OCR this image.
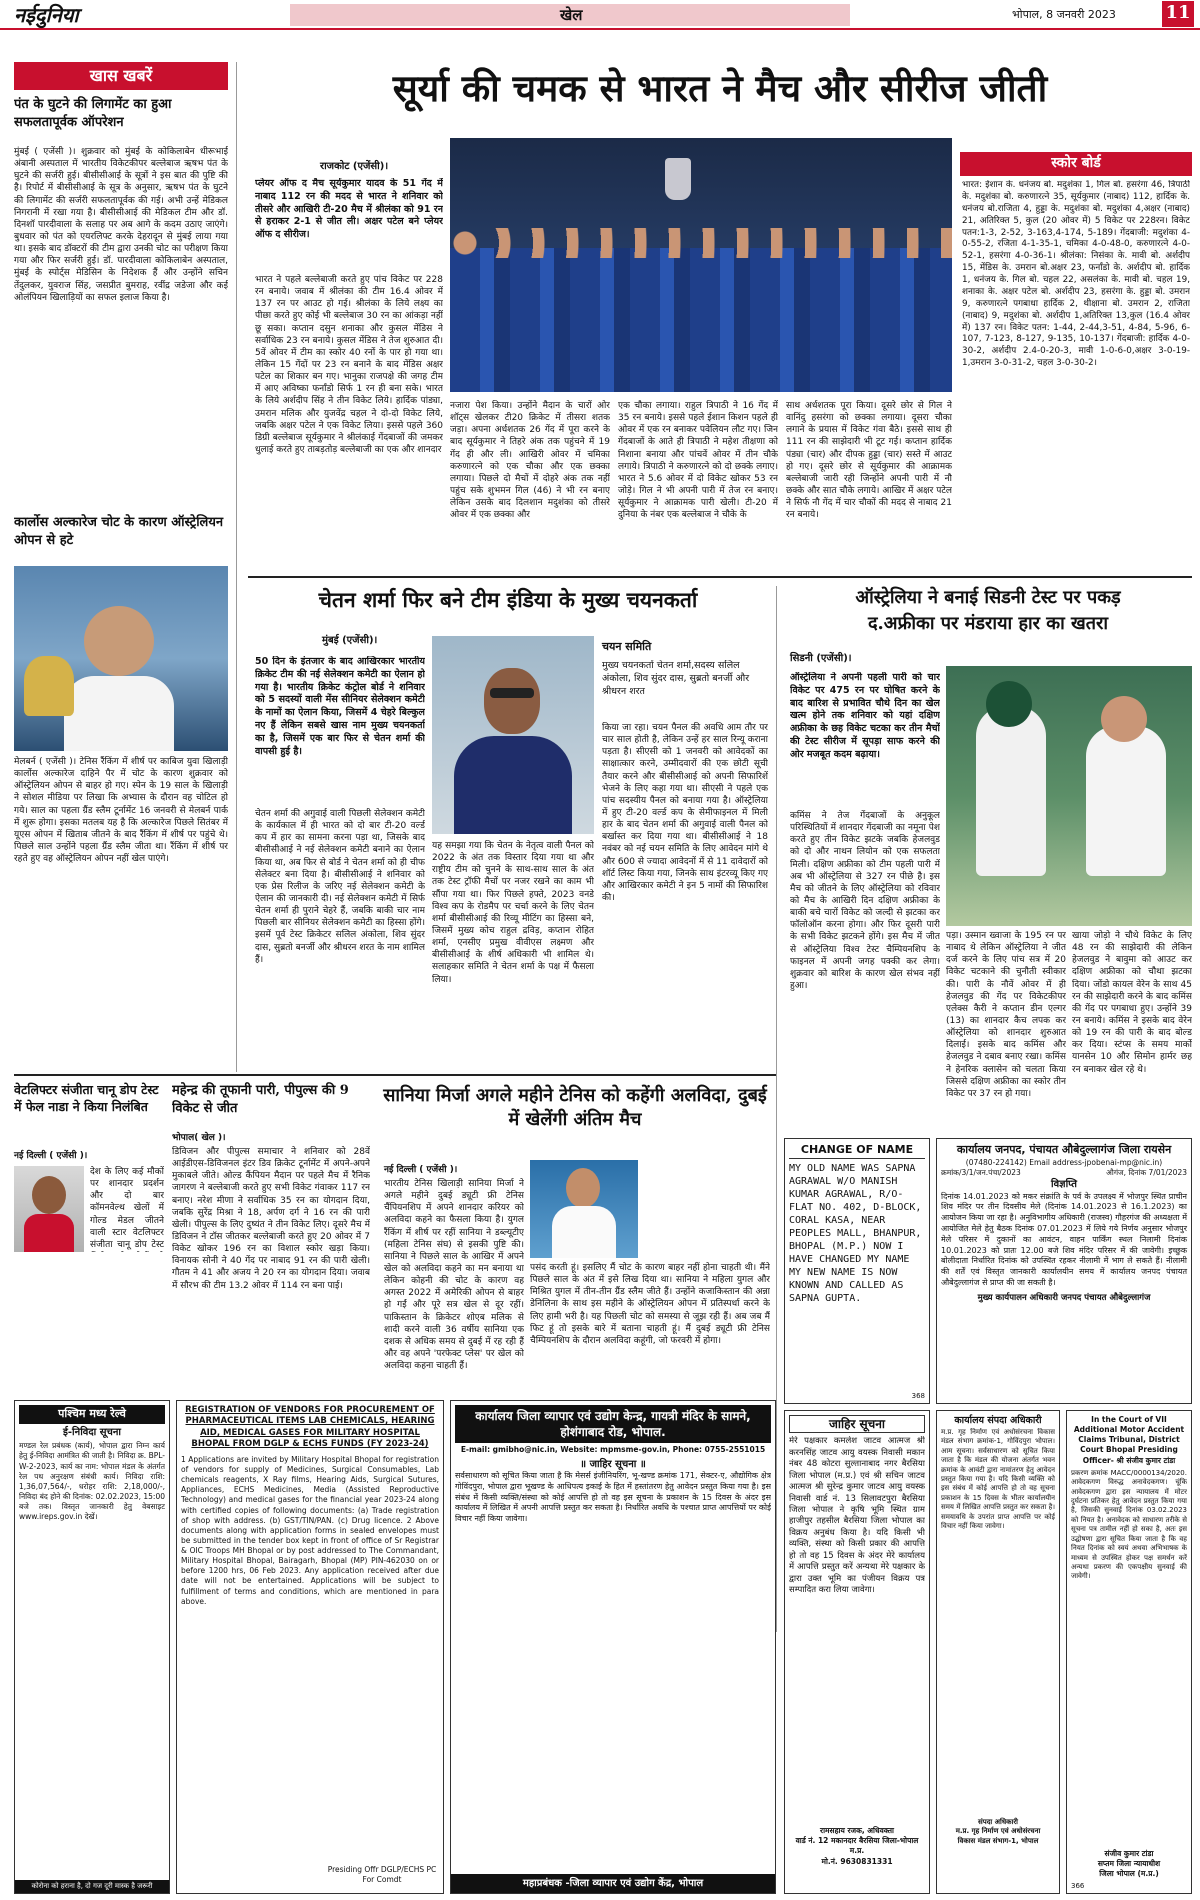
नईदुनिया	खेल	भोपाल, 8 जनवरी 2023	11
खास खबरें
पंत के घुटने की लिगामेंट का हुआ सफलतापूर्वक ऑपरेशन
मुंबई ( एजेंसी )। शुक्रवार को मुंबई के कोकिलाबेन धीरूभाई अंबानी अस्पताल में भारतीय विकेटकीपर बल्लेबाज ऋषभ पंत के घुटने की सर्जरी हुई। बीसीसीआई के सूत्रों ने इस बात की पुष्टि की है। रिपोर्ट में बीसीसीआई के सूत्र के अनुसार, ऋषभ पंत के घुटने की लिगामेंट की सर्जरी सफलतापूर्वक की गई। अभी उन्हें मेडिकल निगरानी में रखा गया है। बीसीसीआई की मेडिकल टीम और डॉ. दिनशॉ पारदीवाला के सलाह पर अब आगे के कदम उठाए जाएंगे। बुधवार को पंत को एयरलिफ्ट करके देहरादून से मुंबई लाया गया था। इसके बाद डॉक्टरों की टीम द्वारा उनकी चोट का परीक्षण किया गया और फिर सर्जरी हुई। डॉ. पारदीवाला कोकिलाबेन अस्पताल, मुंबई के स्पोर्ट्स मेडिसिन के निदेशक हैं और उन्होंने सचिन तेंदुलकर, युवराज सिंह, जसप्रीत बुमराह, रवींद्र जडेजा और कई ओलंपियन खिलाड़ियों का सफल इलाज किया है।
कार्लोस अल्कारेज चोट के कारण ऑस्ट्रेलियन ओपन से हटे
मेलबर्न ( एजेंसी )। टेनिस रैंकिंग में शीर्ष पर काबिज युवा खिलाड़ी कार्लोस अल्कारेज दाहिने पैर में चोट के कारण शुक्रवार को ऑस्ट्रेलियन ओपन से बाहर हो गए। स्पेन के 19 साल के खिलाड़ी ने सोशल मीडिया पर लिखा कि अभ्यास के दौरान वह चोटिल हो गये। साल का पहला ग्रैंड स्लैम टूर्नामेंट 16 जनवरी से मेलबर्न पार्क में शुरू होगा। इसका मतलब यह है कि अल्कारेज पिछले सितंबर में यूएस ओपन में खिताब जीतने के बाद रैंकिंग में शीर्ष पर पहुंचे थे। पिछले साल उन्होंने पहला ग्रैंड स्लैम जीता था। रैंकिंग में शीर्ष पर रहते हुए वह ऑस्ट्रेलियन ओपन नहीं खेल पाएंगे।
सूर्या की चमक से भारत ने मैच और सीरीज जीती
राजकोट (एजेंसी)।
प्लेयर ऑफ द मैच सूर्यकुमार यादव के 51 गेंद में नाबाद 112 रन की मदद से भारत ने शनिवार को तीसरे और आखिरी टी-20 मैच में श्रीलंका को 91 रन से हराकर 2-1 से जीत ली। अक्षर पटेल बने प्लेयर ऑफ द सीरीज।
भारत ने पहले बल्लेबाजी करते हुए पांच विकेट पर 228 रन बनाये। जवाब में श्रीलंका की टीम 16.4 ओवर में 137 रन पर आउट हो गई। श्रीलंका के लिये लक्ष्य का पीछा करते हुए कोई भी बल्लेबाज 30 रन का आंकड़ा नहीं छू सका। कप्तान दसुन शनाका और कुसल मेंडिस ने सर्वाधिक 23 रन बनाये। कुसल मेंडिस ने तेज शुरुआत दी। 5वें ओवर में टीम का स्कोर 40 रनों के पार हो गया था। लेकिन 15 गेंदों पर 23 रन बनाने के बाद मेंडिस अक्षर पटेल का शिकार बन गए। भानुका राजपक्षे की जगह टीम में आए अविष्का फर्नांडो सिर्फ 1 रन ही बना सके। भारत के लिये अर्शदीप सिंह ने तीन विकेट लिये। हार्दिक पांड्या, उमरान मलिक और युजवेंद्र चहल ने दो-दो विकेट लिये, जबकि अक्षर पटेल ने एक विकेट लिया। इससे पहले 360 डिग्री बल्लेबाज सूर्यकुमार ने श्रीलंकाई गेंदबाजों की जमकर धुलाई करते हुए ताबड़तोड़ बल्लेबाजी का एक और शानदार
नजारा पेश किया। उन्होंने मैदान के चारों ओर शॉट्स खेलकर टी20 क्रिकेट में तीसरा शतक जड़ा। अपना अर्धशतक 26 गेंद में पूरा करने के बाद सूर्यकुमार ने तिहरे अंक तक पहुंचने में 19 गेंद ही और ली। आखिरी ओवर में चमिका करुणारत्ने को एक चौका और एक छक्का लगाया। पिछले दो मैचों में दोहरे अंक तक नहीं पहुंच सके शुभमन गिल (46) ने भी रन बनाए लेकिन उसके बाद दिलशान मदुशंका को तीसरे ओवर में एक छक्का और
एक चौका लगाया। राहुल त्रिपाठी ने 16 गेंद में 35 रन बनाये। इससे पहले ईशान किशन पहले ही ओवर में एक रन बनाकर पवेलियन लौट गए। जिन गेंदबाजों के आते ही त्रिपाठी ने महेश तीक्षणा को निशाना बनाया और पांचवें ओवर में तीन चौके लगाये। त्रिपाठी ने करुणारत्ने को दो छक्के लगाए। भारत ने 5.6 ओवर में दो विकेट खोकर 53 रन जोड़े। गिल ने भी अपनी पारी में तेज रन बनाए। सूर्यकुमार ने आक्रामक पारी खेली। टी-20 में दुनिया के नंबर एक बल्लेबाज ने चौके के
साथ अर्धशतक पूरा किया। दूसरे छोर से गिल ने वानिंदु हसरंगा को छक्का लगाया। दूसरा चौका लगाने के प्रयास में विकेट गंवा बैठे। इससे साथ ही 111 रन की साझेदारी भी टूट गई। कप्तान हार्दिक पंड्या (चार) और दीपक हुड्डा (चार) सस्ते में आउट हो गए। दूसरे छोर से सूर्यकुमार की आक्रामक बल्लेबाजी जारी रही जिन्होंने अपनी पारी में नौ छक्के और सात चौके लगाये। आखिर में अक्षर पटेल ने सिर्फ नौ गेंद में चार चौकों की मदद से नाबाद 21 रन बनाये।
स्कोर बोर्ड
भारत: ईशान के. धनंजय बो. मदुशंका 1, गिल बो. हसरंगा 46, त्रिपाठी के. मदुशंका बो. करुणारत्ने 35, सूर्यकुमार (नाबाद) 112, हार्दिक के. धनंजय बो.राजिता 4, हुड्डा के. मदुशंका बो. मदुशंका 4,अक्षर (नाबाद) 21, अतिरिक्त 5, कुल (20 ओवर में) 5 विकेट पर 228रन। विकेट पतन:1-3, 2-52, 3-163,4-174, 5-189। गेंदबाजी: मदुशंका 4-0-55-2, रजिता 4-1-35-1, चमिका 4-0-48-0, करुणारत्ने 4-0-52-1, हसरंगा 4-0-36-1। श्रीलंका: निसंका के. मावी बो. अर्शदीप 15, मेंडिस के. उमरान बो.अक्षर 23, फर्नांडो के. अर्शदीप बो. हार्दिक 1, धनंजय के. गिल बो. चहल 22, असलंका के. मावी बो. चहल 19, शनाका के. अक्षर पटेल बो. अर्शदीप 23, हसरंगा के. हुड्डा बो. उमरान 9, करुणारत्ने पगबाधा हार्दिक 2, थीक्षाना बो. उमरान 2, राजिता (नाबाद) 9, मदुशंका बो. अर्शदीप 1,अतिरिक्त 13,कुल (16.4 ओवर में) 137 रन। विकेट पतन: 1-44, 2-44,3-51, 4-84, 5-96, 6-107, 7-123, 8-127, 9-135, 10-137। गेंदबाजी: हार्दिक 4-0-30-2, अर्शदीप 2.4-0-20-3, मावी 1-0-6-0,अक्षर 3-0-19-1,उमरान 3-0-31-2, चहल 3-0-30-2।
चेतन शर्मा फिर बने टीम इंडिया के मुख्य चयनकर्ता
मुंबई (एजेंसी)।
50 दिन के इंतजार के बाद आखिरकार भारतीय क्रिकेट टीम की नई सेलेक्शन कमेटी का ऐलान हो गया है। भारतीय क्रिकेट कंट्रोल बोर्ड ने शनिवार को 5 सदस्यों वाली मेंस सीनियर सेलेक्शन कमेटी के नामों का ऐलान किया, जिसमें 4 चेहरे बिल्कुल नए हैं लेकिन सबसे खास नाम मुख्य चयनकर्ता का है, जिसमें एक बार फिर से चेतन शर्मा की वापसी हुई है।
चेतन शर्मा की अगुवाई वाली पिछली सेलेक्शन कमेटी के कार्यकाल में ही भारत को दो बार टी-20 वर्ल्ड कप में हार का सामना करना पड़ा था, जिसके बाद बीसीसीआई ने नई सेलेक्शन कमेटी बनाने का ऐलान किया था, अब फिर से बोर्ड ने चेतन शर्मा को ही चीफ सेलेक्टर बना दिया है। बीसीसीआई ने शनिवार को एक प्रेस रिलीज के जरिए नई सेलेक्शन कमेटी के ऐलान की जानकारी दी। नई सेलेक्शन कमेटी में सिर्फ चेतन शर्मा ही पुराने चेहरे हैं, जबकि बाकी चार नाम पिछली बार सीनियर सेलेक्शन कमेटी का हिस्सा होंगे। इसमें पूर्व टेस्ट क्रिकेटर सलिल अंकोला, शिव सुंदर दास, सुब्रतो बनर्जी और श्रीधरन शरत के नाम शामिल हैं।
चयन समिति
मुख्य चयनकर्ता चेतन शर्मा,सदस्य सलिल अंकोला, शिव सुंदर दास, सुब्रतो बनर्जी और श्रीधरन शरत
यह समझा गया कि चेतन के नेतृत्व वाली पैनल को 2022 के अंत तक विस्तार दिया गया था और राष्ट्रीय टीम को चुनने के साथ-साथ साल के अंत तक टेस्ट ट्रॉफी मैचों पर नजर रखने का काम भी सौंपा गया था। फिर पिछले हफ्ते, 2023 वनडे विश्व कप के रोडमैप पर चर्चा करने के लिए चेतन शर्मा बीसीसीआई की रिव्यू मीटिंग का हिस्सा बने, जिसमें मुख्य कोच राहुल द्रविड़, कप्तान रोहित शर्मा, एनसीए प्रमुख वीवीएस लक्ष्मण और बीसीसीआई के शीर्ष अधिकारी भी शामिल थे। सलाहकार समिति ने चेतन शर्मा के पक्ष में फैसला लिया।
किया जा रहा। चयन पैनल की अवधि आम तौर पर चार साल होती है, लेकिन उन्हें हर साल रिन्यू कराना पड़ता है। सीएसी को 1 जनवरी को आवेदकों का साक्षात्कार करने, उम्मीदवारों की एक छोटी सूची तैयार करने और बीसीसीआई को अपनी सिफारिशें भेजने के लिए कहा गया था। सीएसी ने पहले एक पांच सदस्यीय पैनल को बनाया गया है। ऑस्ट्रेलिया में हुए टी-20 वर्ल्ड कप के सेमीफाइनल में मिली हार के बाद चेतन शर्मा की अगुवाई वाली पैनल को बर्खास्त कर दिया गया था। बीसीसीआई ने 18 नवंबर को नई चयन समिति के लिए आवेदन मांगे थे और 600 से ज्यादा आवेदनों में से 11 दावेदारों को शॉर्ट लिस्ट किया गया, जिनके साथ इंटरव्यू किए गए और आखिरकार कमेटी ने इन 5 नामों की सिफारिश की।
ऑस्ट्रेलिया ने बनाई सिडनी टेस्ट पर पकड़
द.अफ्रीका पर मंडराया हार का खतरा
सिडनी (एजेंसी)।
ऑस्ट्रेलिया ने अपनी पहली पारी को चार विकेट पर 475 रन पर घोषित करने के बाद बारिश से प्रभावित चौथे दिन का खेल खत्म होने तक शनिवार को यहां दक्षिण अफ्रीका के छह विकेट चटका कर तीन मैचों की टेस्ट सीरीज में सूपड़ा साफ करने की ओर मजबूत कदम बढ़ाया।
कमिंस ने तेज गेंदबाजों के अनुकूल परिस्थितियों में शानदार गेंदबाजी का नमूना पेश करते हुए तीन विकेट झटके जबकि हेजलवुड को दो और नाथन लियोन को एक सफलता मिली। दक्षिण अफ्रीका को टीम पहली पारी में अब भी ऑस्ट्रेलिया से 327 रन पीछे है। इस मैच को जीतने के लिए ऑस्ट्रेलिया को रविवार को मैच के आखिरी दिन दक्षिण अफ्रीका के बाकी बचे चारों विकेट को जल्दी से झटका कर फॉलोऑन करना होगा। और फिर दूसरी पारी के सभी विकेट झटकने होंगे। इस मैच में जीत से ऑस्ट्रेलिया विश्व टेस्ट चैम्पियनशिप के फाइनल में अपनी जगह पक्की कर लेगा। शुक्रवार को बारिश के कारण खेल संभव नहीं हुआ।
पड़ा। उस्मान ख्वाजा के 195 रन पर नाबाद थे लेकिन ऑस्ट्रेलिया ने जीत दर्ज करने के लिए पांच सत्र में 20 विकेट चटकाने की चुनौती स्वीकार की। पारी के नौवें ओवर में ही हेजलवुड की गेंद पर विकेटकीपर एलेक्स कैरी ने कप्तान डीन एल्गर (13) का शानदार कैच लपक कर ऑस्ट्रेलिया को शानदार शुरुआत दिलाई। इसके बाद कमिंस और हेजलवुड ने दबाव बनाए रखा। कमिंस ने हेनरिक क्लासेन को चलता किया जिससे दक्षिण अफ्रीका का स्कोर तीन विकेट पर 37 रन हो गया।
खाया जोड़ो ने चौथे विकेट के लिए 48 रन की साझेदारी की लेकिन हेजलवुड ने बावुमा को आउट कर दक्षिण अफ्रीका को चौथा झटका दिया। जोंडो कायल वेरेन के साथ 45 रन की साझेदारी करने के बाद कमिंस की गेंद पर पगबाधा हुए। उन्होंने 39 रन बनाये। कमिंस ने इसके बाद वेरेन को 19 रन की पारी के बाद बोल्ड कर दिया। स्टंप्स के समय मार्को यानसेन 10 और सिमोन हार्मर छह रन बनाकर खेल रहे थे।
वेटलिफ्टर संजीता चानू डोप टेस्ट में फेल नाडा ने किया निलंबित
नई दिल्ली ( एजेंसी )।
देश के लिए कई मौकों पर शानदार प्रदर्शन और दो बार कॉमनवेल्थ खेलों में गोल्ड मेडल जीतने वाली स्टार वेटलिफ्टर संजीता चानू डोप टेस्ट
महेन्द्र की तूफानी पारी, पीपुल्स की 9 विकेट से जीत
भोपाल( खेल )।
डिविजन और पीपुल्स समाचार ने शनिवार को 28वें आईडीएस-डिविजनल इंटर डिव क्रिकेट टूर्नामेंट में अपने-अपने मुकाबले जीते। ओल्ड कैंपियन मैदान पर पहले मैच में रैनिक जागरण ने बल्लेबाजी करते हुए सभी विकेट गंवाकर 117 रन बनाए। नरेश मीणा ने सर्वाधिक 35 रन का योगदान दिया, जबकि सुरेंद्र मिश्रा ने 18, अर्पण दर्ग ने 16 रन की पारी खेली। पीपुल्स के लिए दुष्यंत ने तीन विकेट लिए। दूसरे मैच में डिविजन ने टॉस जीतकर बल्लेबाजी करते हुए 20 ओवर में 7 विकेट खोकर 196 रन का विशाल स्कोर खड़ा किया। विनायक सोनी ने 40 गेंद पर नाबाद 91 रन की पारी खेली। गौतम ने 41 और अजय ने 20 रन का योगदान दिया। जवाब में सौरभ की टीम 13.2 ओवर में 114 रन बना पाई।
सानिया मिर्जा अगले महीने टेनिस को कहेंगी अलविदा, दुबई में खेलेंगी अंतिम मैच
नई दिल्ली ( एजेंसी )।
भारतीय टेनिस खिलाड़ी सानिया मिर्जा ने अगले महीने दुबई ड्यूटी फ्री टेनिस चैंपियनशिप में अपने शानदार करियर को अलविदा कहने का फैसला किया है। युगल रैंकिंग में शीर्ष पर रहीं सानिया ने डब्ल्यूटीए (महिला टेनिस संघ) से इसकी पुष्टि की। सानिया ने पिछले साल के आखिर में अपने खेल को अलविदा कहने का मन बनाया था लेकिन कोहनी की चोट के कारण वह अगस्त 2022 में अमेरिकी ओपन से बाहर हो गईं और पूरे सत्र खेल से दूर रहीं। पाकिस्तान के क्रिकेटर शोएब मलिक से शादी करने वाली 36 वर्षीय सानिया एक दशक से अधिक समय से दुबई में रह रही हैं और वह अपने 'परफेक्ट प्लेस' पर खेल को अलविदा कहना चाहती हैं।
पसंद करती हूं। इसलिए मैं चोट के कारण बाहर नहीं होना चाहती थी। मैंने पिछले साल के अंत में इसे लिख दिया था। सानिया ने महिला युगल और मिश्रित युगल में तीन-तीन ग्रैंड स्लैम जीते हैं। उन्होंने कजाकिस्तान की अन्ना डेनिलिना के साथ इस महीने के ऑस्ट्रेलियन ओपन में प्रतिस्पर्धा करने के लिए हामी भरी है। यह पिछली चोट को समस्या से जूझ रही हैं। अब जब मैं फिट हूं तो इसके बारे में बताना चाहती हूं। मैं दुबई ड्यूटी फ्री टेनिस चैम्पियनशिप के दौरान अलविदा कहूंगी, जो फरवरी में होगा।
CHANGE OF NAME
MY OLD NAME WAS SAPNA AGRAWAL W/O MANISH KUMAR AGRAWAL, R/O- FLAT NO. 402, D-BLOCK, CORAL KASA, NEAR PEOPLES MALL, BHANPUR, BHOPAL (M.P.) NOW I HAVE CHANGED MY NAME MY NEW NAME IS NOW KNOWN AND CALLED AS SAPNA GUPTA.
368
कार्यालय जनपद, पंचायत औबेदुल्लागंज जिला रायसेन
(07480-224142) Email address-jpobenai-mp@nic.in)
क्रमांक/3/1/जन.पंचा/2023	औगंज, दिनांक 7/01/2023
विज्ञप्ति
दिनांक 14.01.2023 को मकर संक्रांति के पर्व के उपलक्ष्य में भोजपुर स्थित प्राचीन शिव मंदिर पर तीन दिवसीय मेले (दिनांक 14.01.2023 से 16.1.2023) का आयोजन किया जा रहा है। अनुविभागीय अधिकारी (राजस्व) गौहरगंज की अध्यक्षता में आयोजित मेले हेतु बैठक दिनांक 07.01.2023 में लिये गये निर्णय अनुसार भोजपुर मेले परिसर में दुकानों का आवंटन, वाहन पार्किंग स्थल निलामी दिनांक 10.01.2023 को प्रातः 12.00 बजे शिव मंदिर परिसर में की जावेगी। इच्छुक बोलीदाता निर्धारित दिनांक को उपस्थित रहकर नीलामी में भाग ले सकते हैं। नीलामी की शर्तें एवं विस्तृत जानकारी कार्यालयीन समय में कार्यालय जनपद पंचायत औबेदुल्लागंज से प्राप्त की जा सकती है।
मुख्य कार्यपालन अधिकारी जनपद पंचायत औबेदुल्लागंज
पश्चिम मध्य रेल्वे
ई-निविदा सूचना
मण्डल रेल प्रबंधक (कार्य), भोपाल द्वारा निम्न कार्य हेतु ई-निविदा आमंत्रित की जाती है। निविदा क्र. BPL-W-2-2023, कार्य का नाम: भोपाल मंडल के अंतर्गत रेल पथ अनुरक्षण संबंधी कार्य। निविदा राशि: 1,36,07,564/-, धरोहर राशि: 2,18,000/-, निविदा बंद होने की दिनांक: 02.02.2023, 15:00 बजे तक। विस्तृत जानकारी हेतु वेबसाइट www.ireps.gov.in देखें।
कोरोना को हराना है, दो गज दूरी मास्क है जरूरी
REGISTRATION OF VENDORS FOR PROCUREMENT OF PHARMACEUTICAL ITEMS LAB CHEMICALS, HEARING AID, MEDICAL GASES FOR MILITARY HOSPITAL BHOPAL FROM DGLP & ECHS FUNDS (FY 2023-24)
1 Applications are invited by Military Hospital Bhopal for registration of vendors for supply of Medicines, Surgical Consumables, Lab chemicals reagents, X Ray films, Hearing Aids, Surgical Sutures, Appliances, ECHS Medicines, Media (Assisted Reproductive Technology) and medical gases for the financial year 2023-24 along with certified copies of following documents: (a) Trade registration of shop with address. (b) GST/TIN/PAN. (c) Drug licence. 2 Above documents along with application forms in sealed envelopes must be submitted in the tender box kept in front of office of Sr Registrar & OIC Troops MH Bhopal or by post addressed to The Commandant, Military Hospital Bhopal, Bairagarh, Bhopal (MP) PIN-462030 on or before 1200 hrs, 06 Feb 2023. Any application received after due date will not be entertained. Applications will be subject to fulfillment of terms and conditions, which are mentioned in para above.
Presiding Offr DGLP/ECHS PC For Comdt
कार्यालय जिला व्यापार एवं उद्योग केन्द्र, गायत्री मंदिर के सामने, होशंगाबाद रोड, भोपाल.
E-mail: gmibho@nic.in, Website: mpmsme-gov.in, Phone: 0755-2551015
॥ जाहिर सूचना ॥
सर्वसाधारण को सूचित किया जाता है कि मेसर्स इंजीनियरिंग, भू-खण्ड क्रमांक 171, सेक्टर-ए, औद्योगिक क्षेत्र गोविंदपुरा, भोपाल द्वारा भूखण्ड के आधिपत्य इकाई के हित में हस्तांतरण हेतु आवेदन प्रस्तुत किया गया है। इस संबंध में किसी व्यक्ति/संस्था को कोई आपत्ति हो तो वह इस सूचना के प्रकाशन के 15 दिवस के अंदर इस कार्यालय में लिखित में अपनी आपत्ति प्रस्तुत कर सकता है। निर्धारित अवधि के पश्चात प्राप्त आपत्तियों पर कोई विचार नहीं किया जावेगा।
महाप्रबंधक -जिला व्यापार एवं उद्योग केंद्र, भोपाल
जाहिर सूचना
मेरे पक्षकार कमलेश जाटव आत्मज श्री करनसिंह जाटव आयु वयस्क निवासी मकान नंबर 48 कोटरा सुल्तानाबाद नगर बैरसिया जिला भोपाल (म.प्र.) एवं श्री सचिन जाटव आत्मज श्री सुरेन्द्र कुमार जाटव आयु वयस्क निवासी वार्ड नं. 13 सिलावटपुरा बैरसिया जिला भोपाल ने कृषि भूमि स्थित ग्राम हाजीपुर तहसील बैरसिया जिला भोपाल का विक्रय अनुबंध किया है। यदि किसी भी व्यक्ति, संस्था को किसी प्रकार की आपत्ति हो तो वह 15 दिवस के अंदर मेरे कार्यालय में आपत्ति प्रस्तुत करें अन्यथा मेरे पक्षकार के द्वारा उक्त भूमि का पंजीयन विक्रय पत्र सम्पादित करा लिया जावेगा।
रामसहाय रजक, अधिवक्ता
वार्ड नं. 12 मकानदार बैरसिया जिला-भोपाल म.प्र.
मो.नं. 9630831331
कार्यालय संपदा अधिकारी
म.प्र. गृह निर्माण एवं अधोसंरचना विकास मंडल संभाग क्रमांक-1, गोविंदपुरा भोपाल। आम सूचना। सर्वसाधारण को सूचित किया जाता है कि मंडल की योजना अंतर्गत भवन क्रमांक के आवंटी द्वारा नामांतरण हेतु आवेदन प्रस्तुत किया गया है। यदि किसी व्यक्ति को इस संबंध में कोई आपत्ति हो तो वह सूचना प्रकाशन के 15 दिवस के भीतर कार्यालयीन समय में लिखित आपत्ति प्रस्तुत कर सकता है। समयावधि के उपरांत प्राप्त आपत्ति पर कोई विचार नहीं किया जावेगा।
संपदा अधिकारी
म.प्र. गृह निर्माण एवं अधोसंरचना
विकास मंडल संभाग-1, भोपाल
In the Court of VII Additional Motor Accident Claims Tribunal, District Court Bhopal Presiding Officer- श्री संजीव कुमार टांडा
प्रकरण क्रमांक MACC/0000134/2020. आवेदकगण विरुद्ध अनावेदकगण। चूंकि आवेदकगण द्वारा इस न्यायालय में मोटर दुर्घटना प्रतिकर हेतु आवेदन प्रस्तुत किया गया है, जिसकी सुनवाई दिनांक 03.02.2023 को नियत है। अनावेदक को साधारण तरीके से सूचना पत्र तामील नहीं हो सका है, अतः इस उद्घोषणा द्वारा सूचित किया जाता है कि वह नियत दिनांक को स्वयं अथवा अभिभाषक के माध्यम से उपस्थित होकर पक्ष समर्थन करें अन्यथा प्रकरण की एकपक्षीय सुनवाई की जावेगी।
संजीव कुमार टांडा
सप्तम जिला न्यायाधीश
जिला भोपाल (म.प्र.)
366
